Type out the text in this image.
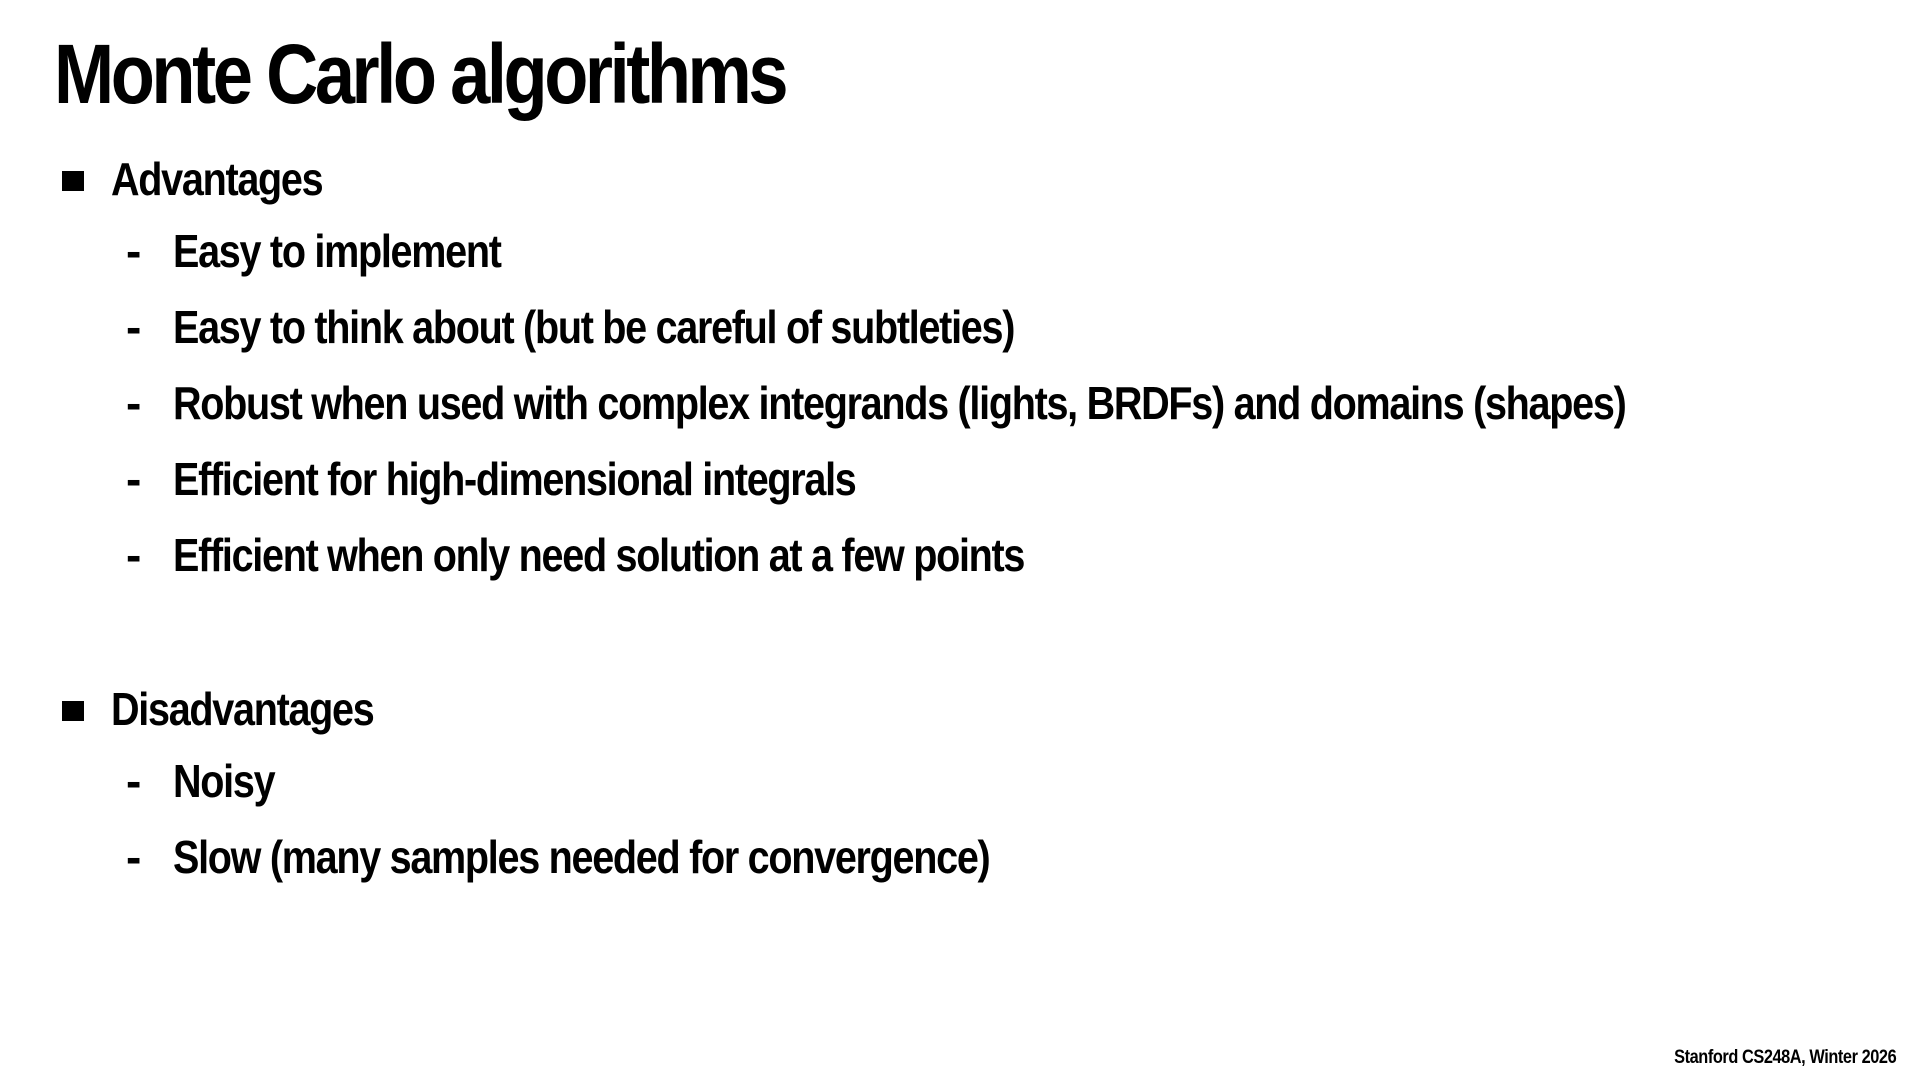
Monte Carlo algorithms
Advantages
- Easy to implement
- Easy to think about (but be careful of subtleties)
- Robust when used with complex integrands (lights, BRDFs) and domains (shapes)
- Efficient for high-dimensional integrals
- Efficient when only need solution at a few points
Disadvantages
- Noisy
- Slow (many samples needed for convergence)
Stanford CS248A, Winter 2026
